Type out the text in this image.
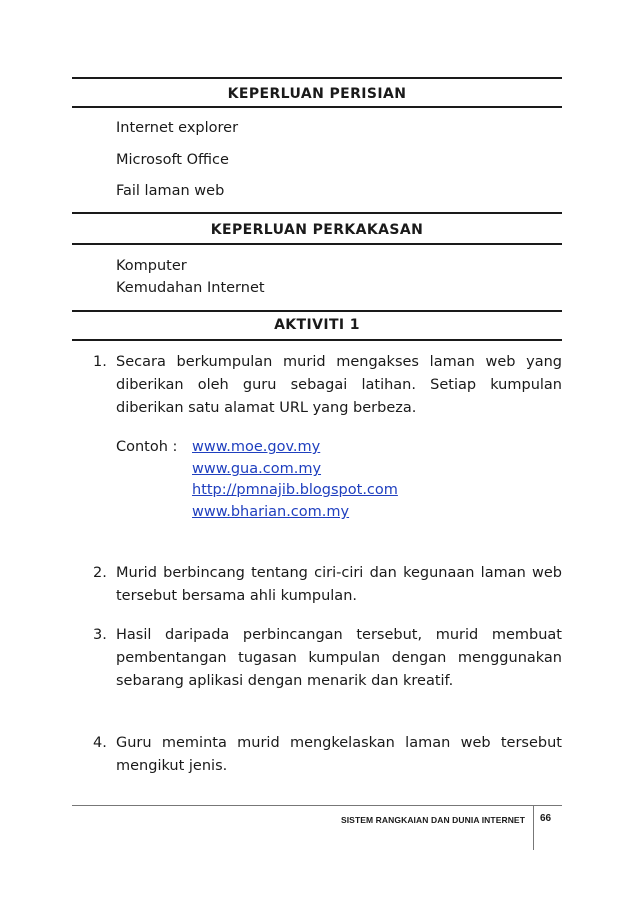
KEPERLUAN PERISIAN
Internet explorer
Microsoft Office
Fail laman web
KEPERLUAN PERKAKASAN
Komputer
Kemudahan Internet
AKTIVITI 1
1. Secara berkumpulan murid mengakses laman web yang diberikan oleh guru sebagai latihan. Setiap kumpulan diberikan satu alamat URL yang berbeza.
Contoh : www.moe.gov.my
www.gua.com.my
http://pmnajib.blogspot.com
www.bharian.com.my
2. Murid berbincang tentang ciri-ciri dan kegunaan laman web tersebut bersama ahli kumpulan.
3. Hasil daripada perbincangan tersebut, murid membuat pembentangan tugasan kumpulan dengan menggunakan sebarang aplikasi dengan menarik dan kreatif.
4. Guru meminta murid mengkelaskan laman web tersebut mengikut jenis.
SISTEM RANGKAIAN DAN DUNIA INTERNET 66
